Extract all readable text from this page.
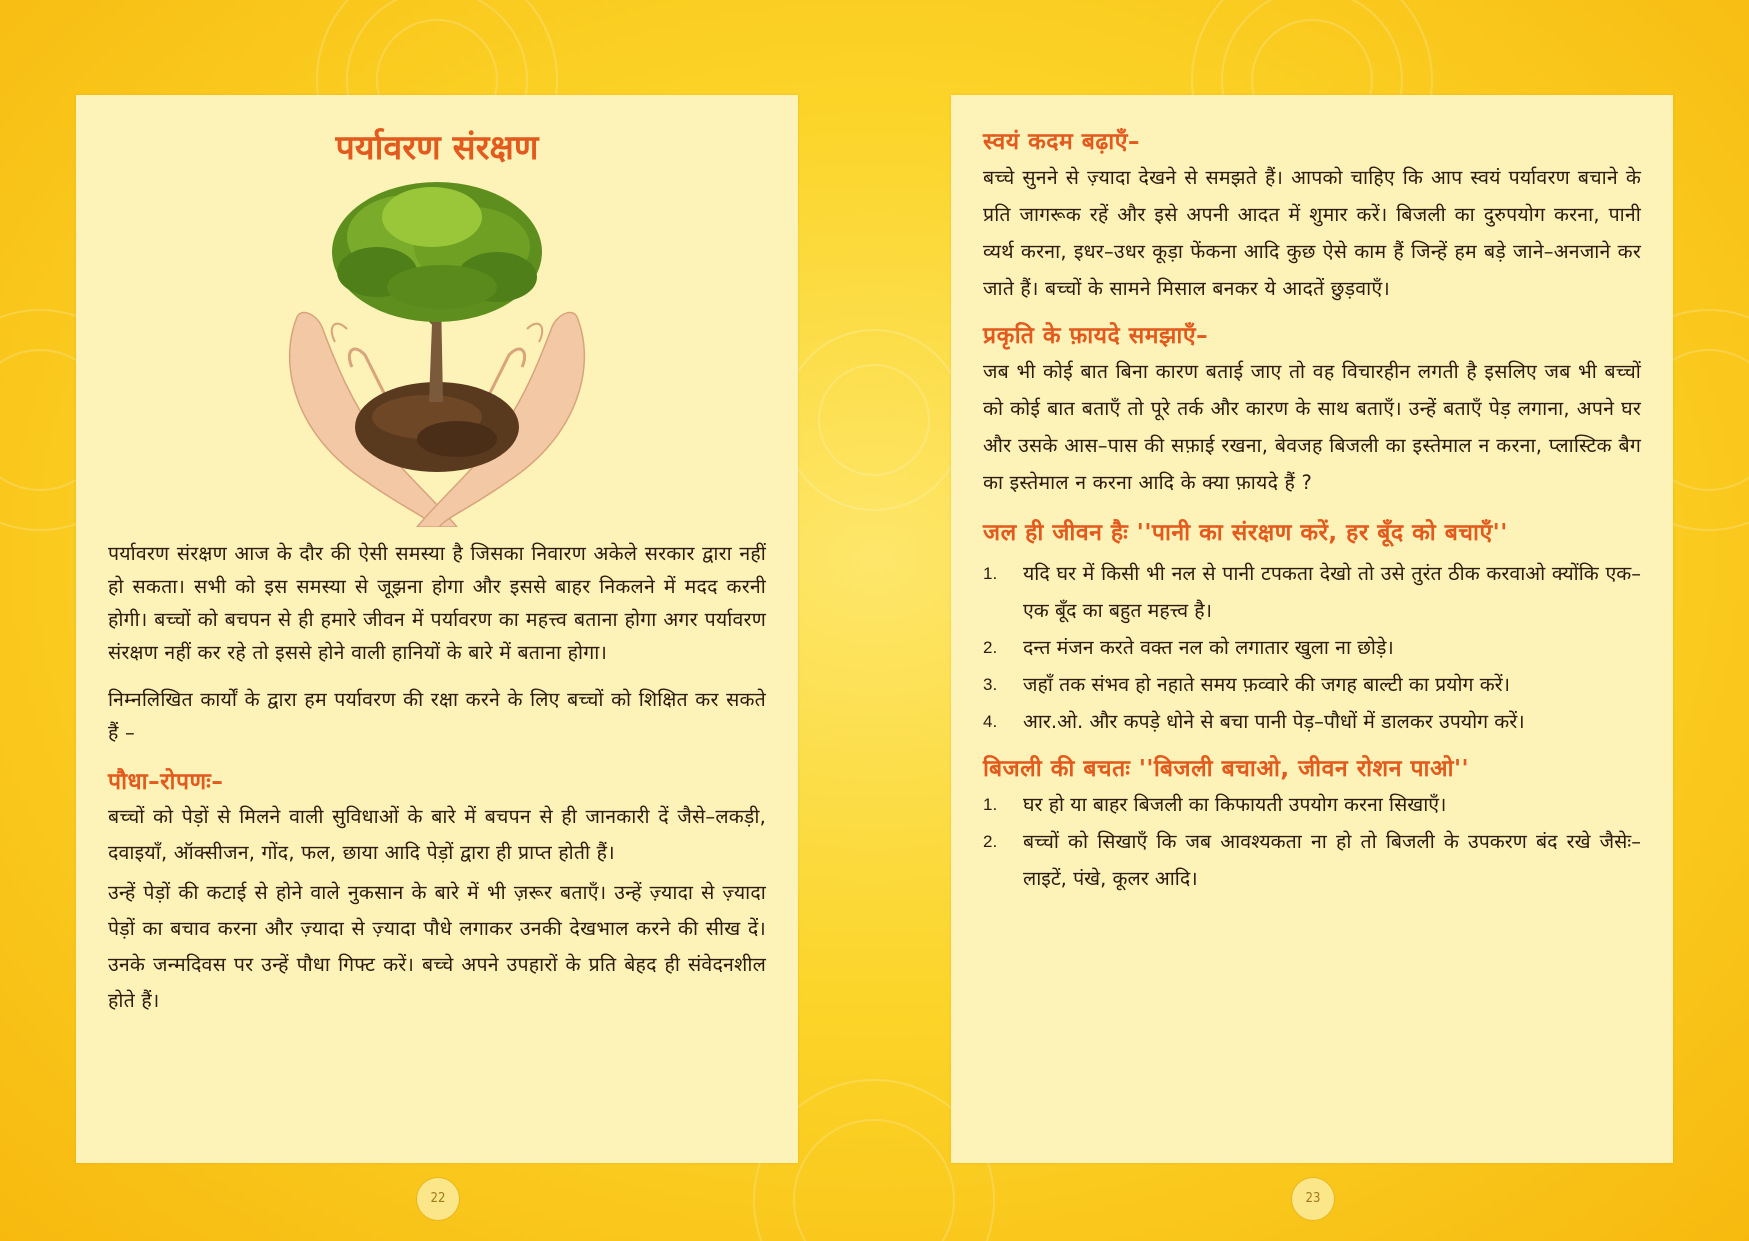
पर्यावरण संरक्षण

पर्यावरण संरक्षण आज के दौर की ऐसी समस्या है जिसका निवारण अकेले सरकार द्वारा नहीं हो सकता। सभी को इस समस्या से जूझना होगा और इससे बाहर निकलने में मदद करनी होगी। बच्चों को बचपन से ही हमारे जीवन में पर्यावरण का महत्त्व बताना होगा अगर पर्यावरण संरक्षण नहीं कर रहे तो इससे होने वाली हानियों के बारे में बताना होगा।

निम्नलिखित कार्यों के द्वारा हम पर्यावरण की रक्षा करने के लिए बच्चों को शिक्षित कर सकते हैं –

पौधा–रोपणः–

बच्चों को पेड़ों से मिलने वाली सुविधाओं के बारे में बचपन से ही जानकारी दें जैसे–लकड़ी, दवाइयाँ, ऑक्सीजन, गोंद, फल, छाया आदि पेड़ों द्वारा ही प्राप्त होती हैं।

उन्हें पेड़ों की कटाई से होने वाले नुकसान के बारे में भी ज़रूर बताएँ। उन्हें ज़्यादा से ज़्यादा पेड़ों का बचाव करना और ज़्यादा से ज़्यादा पौधे लगाकर उनकी देखभाल करने की सीख दें। उनके जन्मदिवस पर उन्हें पौधा गिफ्ट करें। बच्चे अपने उपहारों के प्रति बेहद ही संवेदनशील होते हैं।

22
स्वयं कदम बढ़ाएँ–

बच्चे सुनने से ज़्यादा देखने से समझते हैं। आपको चाहिए कि आप स्वयं पर्यावरण बचाने के प्रति जागरूक रहें और इसे अपनी आदत में शुमार करें। बिजली का दुरुपयोग करना, पानी व्यर्थ करना, इधर–उधर कूड़ा फेंकना आदि कुछ ऐसे काम हैं जिन्हें हम बड़े जाने–अनजाने कर जाते हैं। बच्चों के सामने मिसाल बनकर ये आदतें छुड़वाएँ।

प्रकृति के फ़ायदे समझाएँ–

जब भी कोई बात बिना कारण बताई जाए तो वह विचारहीन लगती है इसलिए जब भी बच्चों को कोई बात बताएँ तो पूरे तर्क और कारण के साथ बताएँ। उन्हें बताएँ पेड़ लगाना, अपने घर और उसके आस–पास की सफ़ाई रखना, बेवजह बिजली का इस्तेमाल न करना, प्लास्टिक बैग का इस्तेमाल न करना आदि के क्या फ़ायदे हैं ?

जल ही जीवन हैः ''पानी का संरक्षण करें, हर बूँद को बचाएँ''
1. यदि घर में किसी भी नल से पानी टपकता देखो तो उसे तुरंत ठीक करवाओ क्योंकि एक–एक बूँद का बहुत महत्त्व है।
2. दन्त मंजन करते वक्त नल को लगातार खुला ना छोड़े।
3. जहाँ तक संभव हो नहाते समय फ़व्वारे की जगह बाल्टी का प्रयोग करें।
4. आर.ओ. और कपड़े धोने से बचा पानी पेड़–पौधों में डालकर उपयोग करें।
बिजली की बचतः ''बिजली बचाओ, जीवन रोशन पाओ''
1. घर हो या बाहर बिजली का किफायती उपयोग करना सिखाएँ।
2. बच्चों को सिखाएँ कि जब आवश्यकता ना हो तो बिजली के उपकरण बंद रखे जैसेः– लाइटें, पंखे, कूलर आदि।
23
